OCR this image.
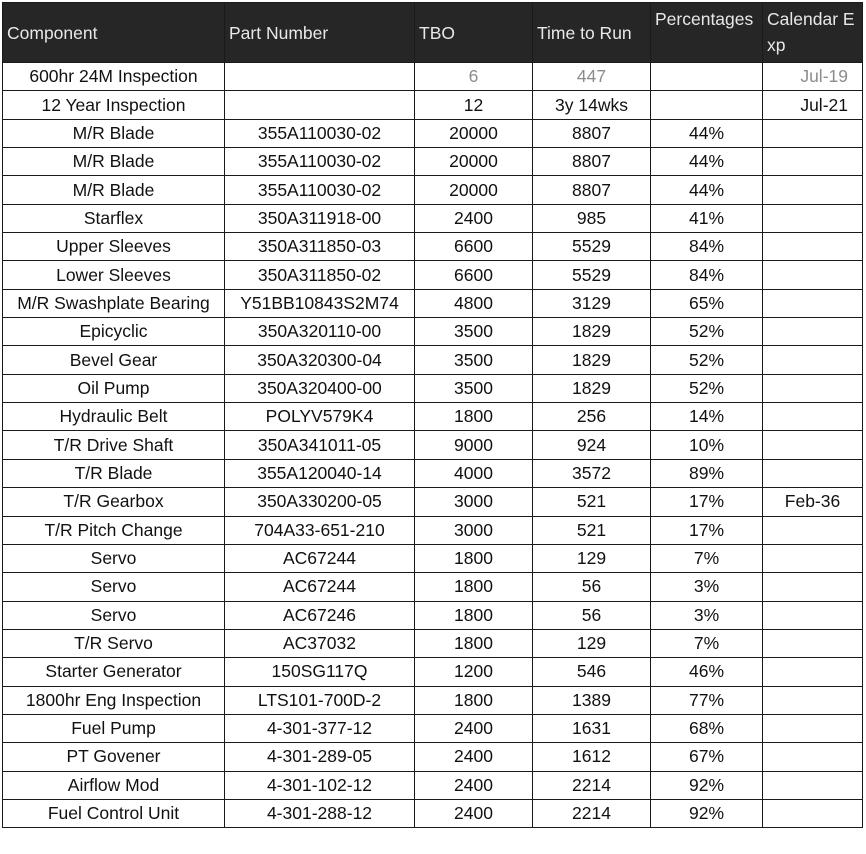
Component	Part Number	TBO	Time to Run	Percentages	Calendar Exp
600hr 24M Inspection		6	447		Jul-19
12 Year Inspection		12	3y 14wks		Jul-21
M/R Blade	355A110030-02	20000	8807	44%	
M/R Blade	355A110030-02	20000	8807	44%	
M/R Blade	355A110030-02	20000	8807	44%	
Starflex	350A311918-00	2400	985	41%	
Upper Sleeves	350A311850-03	6600	5529	84%	
Lower Sleeves	350A311850-02	6600	5529	84%	
M/R Swashplate Bearing	Y51BB10843S2M74	4800	3129	65%	
Epicyclic	350A320110-00	3500	1829	52%	
Bevel Gear	350A320300-04	3500	1829	52%	
Oil Pump	350A320400-00	3500	1829	52%	
Hydraulic Belt	POLYV579K4	1800	256	14%	
T/R Drive Shaft	350A341011-05	9000	924	10%	
T/R Blade	355A120040-14	4000	3572	89%	
T/R Gearbox	350A330200-05	3000	521	17%	Feb-36
T/R Pitch Change	704A33-651-210	3000	521	17%	
Servo	AC67244	1800	129	7%	
Servo	AC67244	1800	56	3%	
Servo	AC67246	1800	56	3%	
T/R Servo	AC37032	1800	129	7%	
Starter Generator	150SG117Q	1200	546	46%	
1800hr Eng Inspection	LTS101-700D-2	1800	1389	77%	
Fuel Pump	4-301-377-12	2400	1631	68%	
PT Govener	4-301-289-05	2400	1612	67%	
Airflow Mod	4-301-102-12	2400	2214	92%	
Fuel Control Unit	4-301-288-12	2400	2214	92%	
